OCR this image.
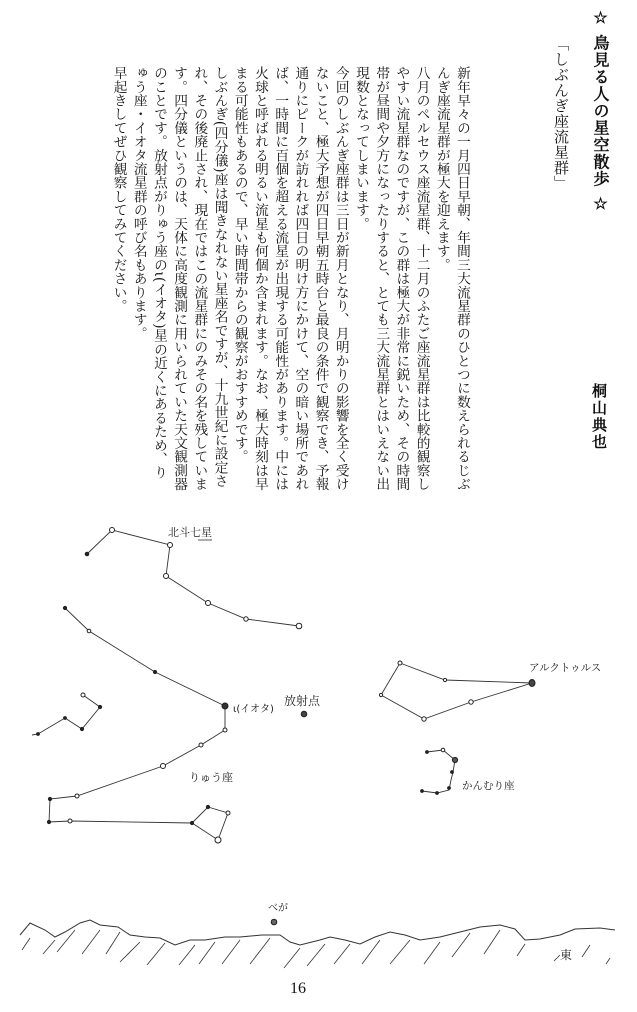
☆ 鳥見る人の星空散歩 ☆
桐山典也
「しぶんぎ座流星群」
新年早々の一月四日早朝、年間三大流星群のひとつに数えられるじぶ
んぎ座流星群が極大を迎えます。
八月のペルセウス座流星群、十二月のふたご座流星群は比較的観察し
やすい流星群なのですが、この群は極大が非常に鋭いため、その時間
帯が昼間や夕方になったりすると、とても三大流星群とはいえない出
現数となってしまいます。
今回のしぶんぎ座群は三日が新月となり、月明かりの影響を全く受け
ないこと、極大予想が四日早朝五時台と最良の条件で観察でき、予報
通りにピークが訪れれば四日の明け方にかけて、空の暗い場所であれ
ば、一時間に百個を超える流星が出現する可能性があります。中には
火球と呼ばれる明るい流星も何個か含まれます。なお、極大時刻は早
まる可能性もあるので、早い時間帯からの観察がおすすめです。
しぶんぎ(四分儀)座は聞きなれない星座名ですが、十九世紀に設定さ
れ、その後廃止され、現在ではこの流星群にのみその名を残していま
す。四分儀というのは、天体に高度観測に用いられていた天文観測器
のことです。放射点がりゅう座のι(イオタ)星の近くにあるため、り
ゅう座・イオタ流星群の呼び名もあります。
早起きしてぜひ観察してみてください。
北斗七星
ι(イオタ)
放射点
りゅう座
アルクトゥルス
かんむり座
べが
東
16
